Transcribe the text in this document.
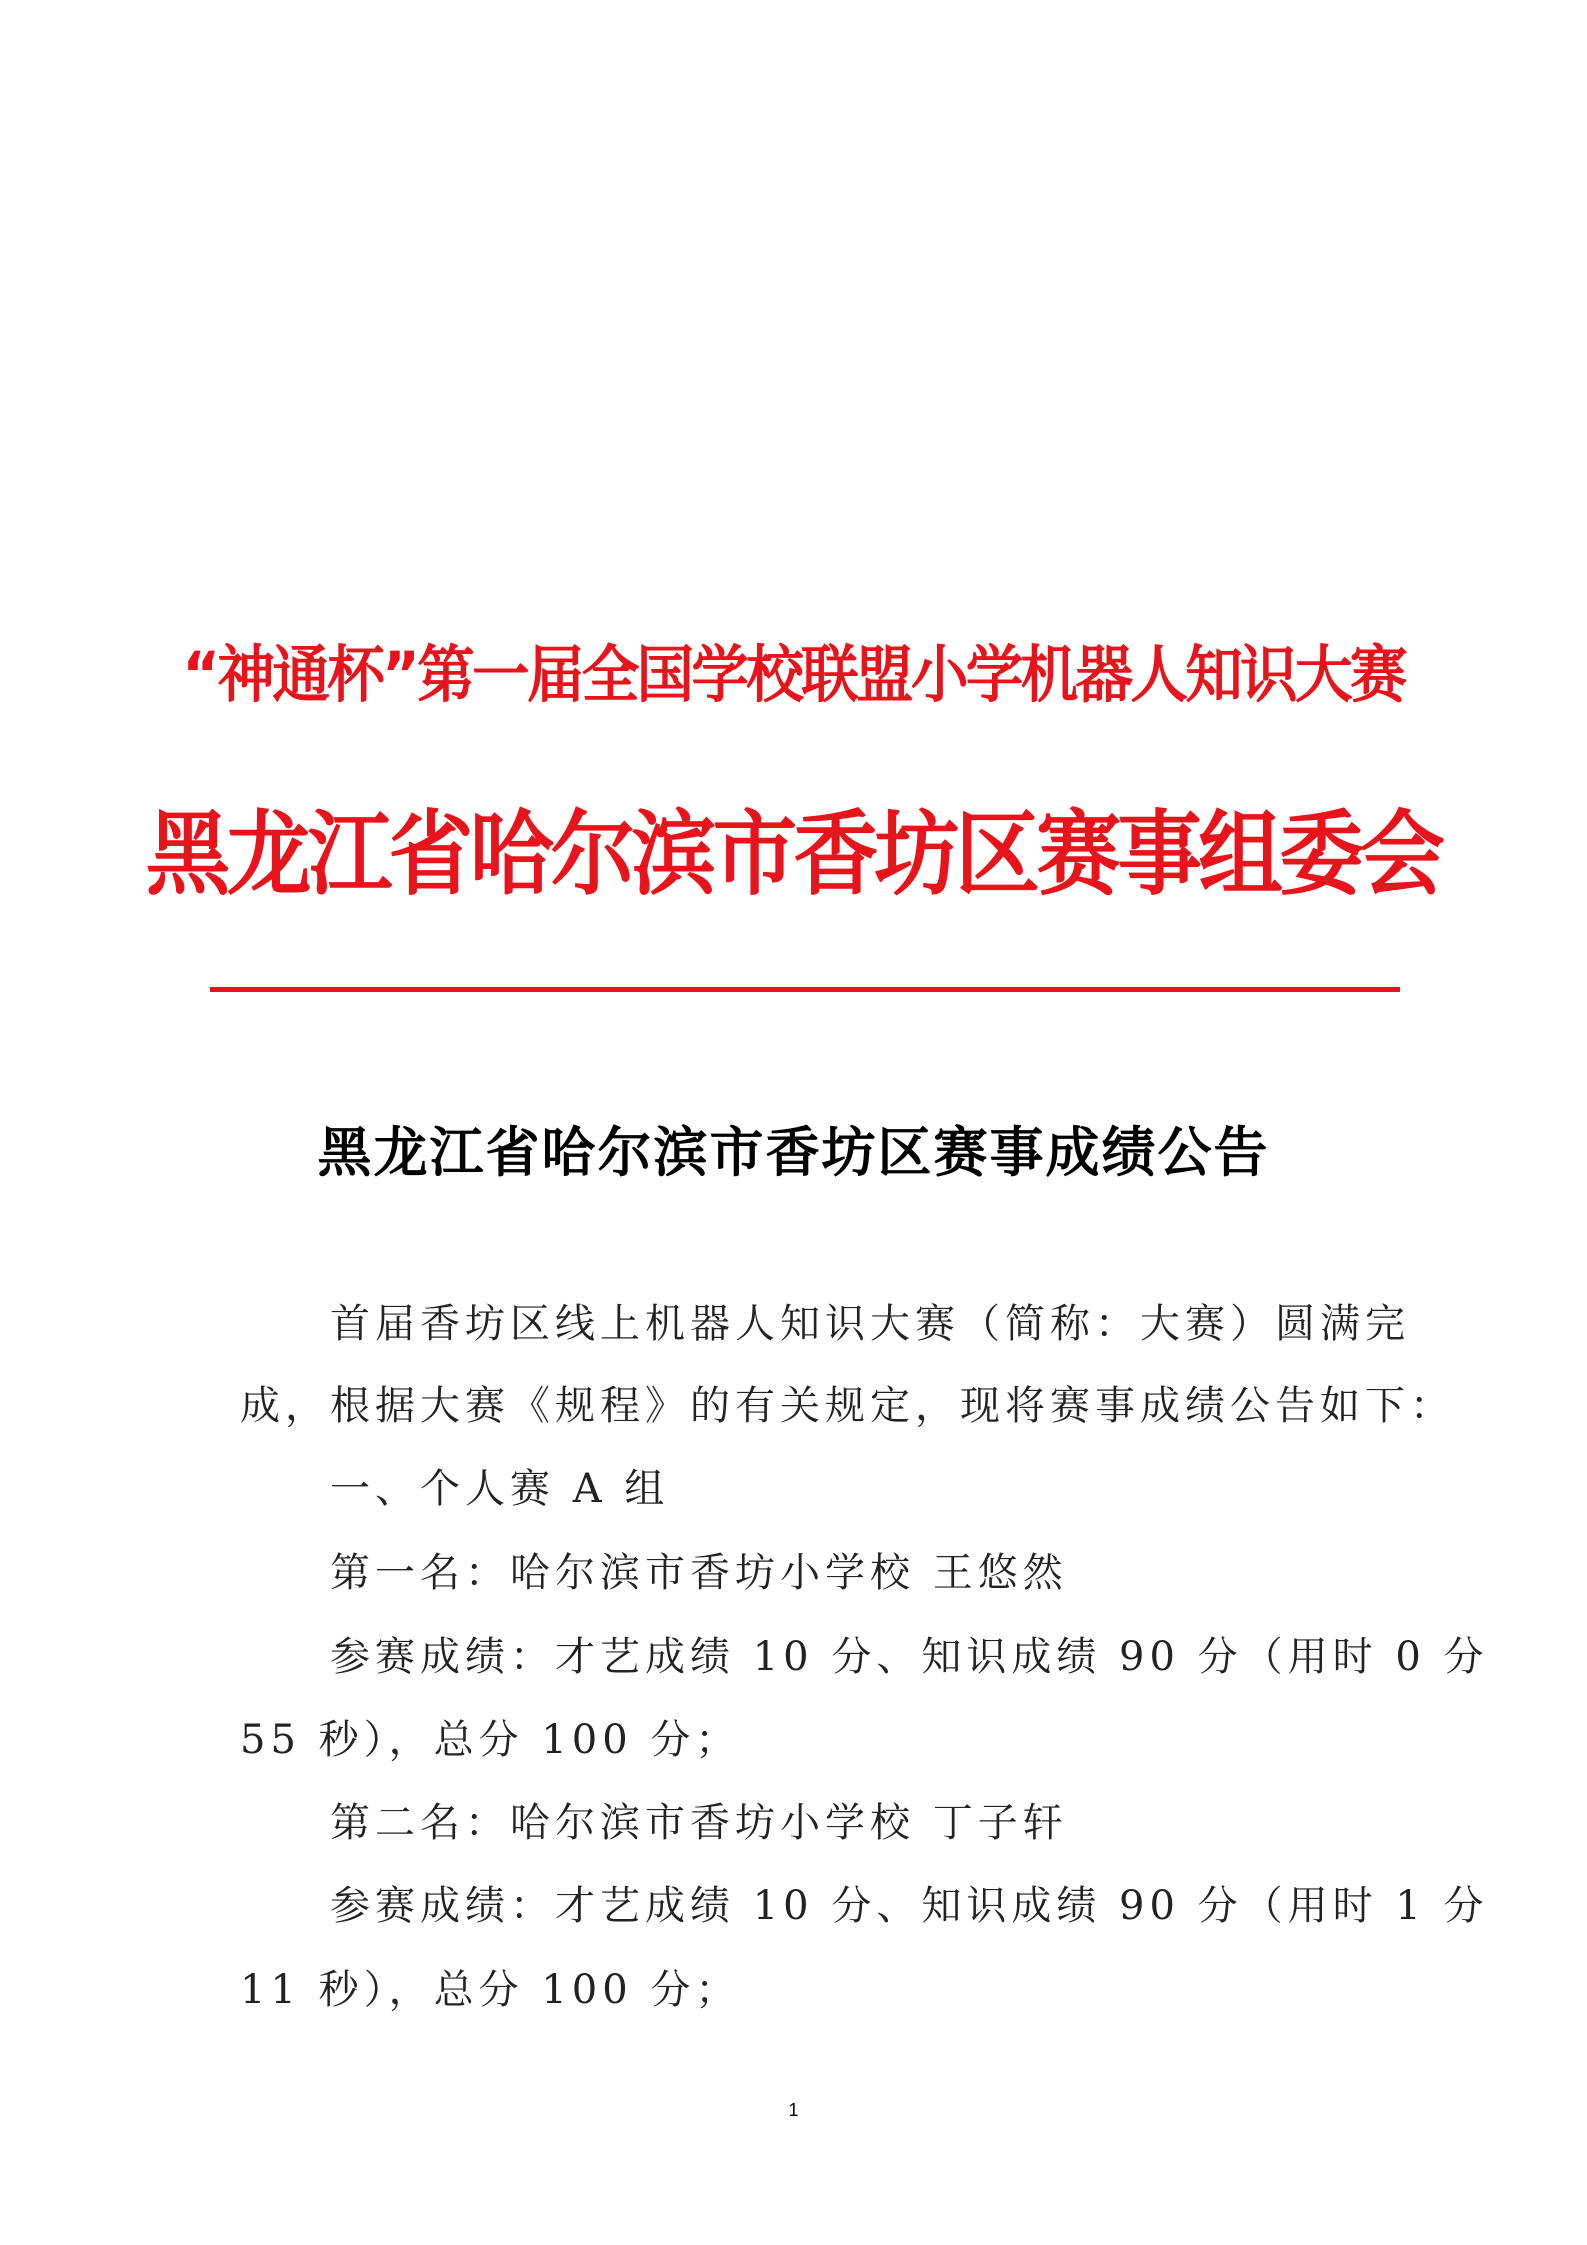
“神通杯”第一届全国学校联盟小学机器人知识大赛
黑龙江省哈尔滨市香坊区赛事组委会
黑龙江省哈尔滨市香坊区赛事成绩公告
首届香坊区线上机器人知识大赛（简称：大赛）圆满完
成，根据大赛《规程》的有关规定，现将赛事成绩公告如下：
一、个人赛 A 组
第一名：哈尔滨市香坊小学校 王悠然
参赛成绩：才艺成绩 10 分、知识成绩 90 分（用时 0 分
55 秒），总分 100 分；
第二名：哈尔滨市香坊小学校 丁子轩
参赛成绩：才艺成绩 10 分、知识成绩 90 分（用时 1 分
11 秒），总分 100 分；
1
